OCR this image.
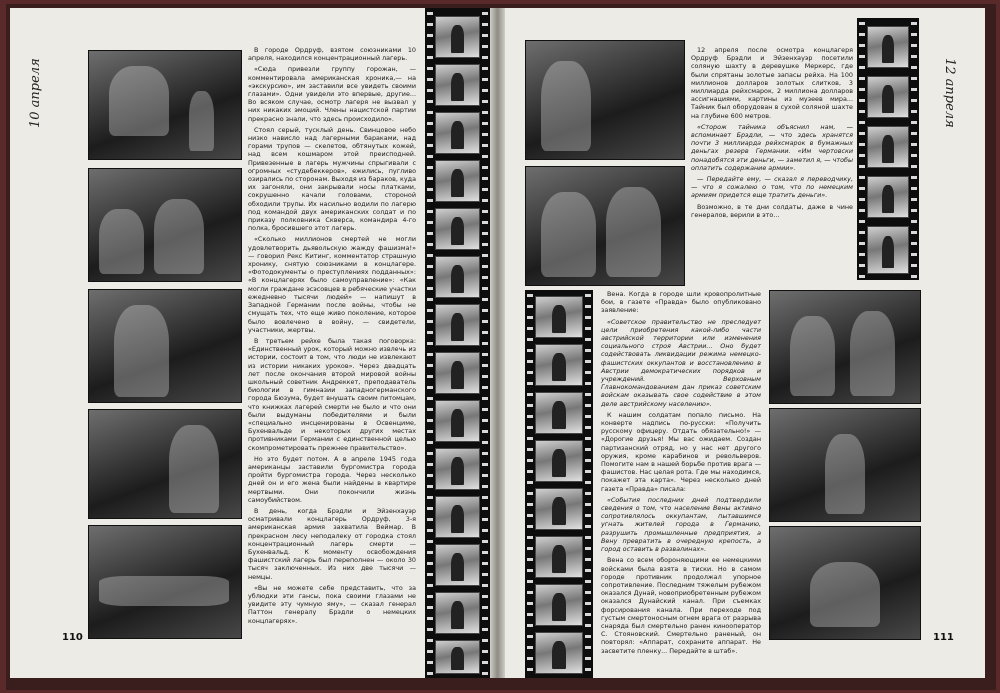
10 апреля

В городе Ордруф, взятом союзниками 10 апреля, находился концентрационный лагерь.

«Сюда привезли группу горожан, — комментировала американская хроника,— на «экскурсию», им заставили все увидеть своими глазами». Одни увидели это впервые, другие... Во всяком случае, осмотр лагеря не вызвал у них никаких эмоций. Члены нацистской партии прекрасно знали, что здесь происходило».

Стоял серый, тусклый день. Свинцовое небо низко нависло над лагерными бараками, над горами трупов — скелетов, обтянутых кожей, над всем кошмаром этой преисподней. Привезенные в лагерь мужчины спрыгивали с огромных «студебеккеров», ежились, пугливо озирались по сторонам. Выходя из бараков, куда их загоняли, они закрывали носы платками, сокрушенно качали головами, стороной обходили трупы. Их насильно водили по лагерю под командой двух американских солдат и по приказу полковника Скверса, командира 4-го полка, бросившего этот лагерь.

«Сколько миллионов смертей не могли удовлетворить дьявольскую жажду фашизма!» — говорил Рекс Китинг, комментатор страшную хронику, снятую союзниками в концлагере. «Фотодокументы о преступлениях подданных»: «В концлагерях было самоуправление»: «Как могли граждане эсэсовцев в ребяческие участки ежедневно тысячи людей» — напишут в Западной Германии после войны, чтобы не смущать тех, что еще живо поколение, которое было вовлечено в войну, — свидетели, участники, жертвы.

В третьем рейхе была такая поговорка: «Единственный урок, который можно извлечь из истории, состоит в том, что люди не извлекают из истории никаких уроков». Через двадцать лет после окончания второй мировой войны школьный советник Андреккет, преподаватель биологии в гимназии западногерманского города Бюзума, будет внушать своим питомцам, что книжках лагерей смерти не было и что они были выдуманы победителями и были «специально инсценированы в Освенциме, Бухенвальде и некоторых других местах противниками Германии с единственной целью скомпрометировать прежнее правительство».

Но это будет потом. А в апреле 1945 года американцы заставили бургомистра города пройти бургомистра города. Через несколько дней он и его жена были найдены в квартире мертвыми. Они покончили жизнь самоубийством.

В день, когда Брэдли и Эйзенхауэр осматривали концлагерь Ордруф, 3-я американская армия захватила Веймар. В прекрасном лесу неподалеку от городка стоял концентрационный лагерь смерти — Бухенвальд. К моменту освобождения фашистский лагерь был переполнен — около 30 тысяч заключенных. Из них две тысячи — немцы.

«Вы не можете себе представить, что за ублюдки эти гансы, пока своими глазами не увидите эту чумную яму», — сказал генерал Паттон генералу Брэдли о немецких концлагерях».

110

12 апреля после осмотра концлагеря Ордруф Брэдли и Эйзенхауэр посетили соляную шахту в деревушке Меркерс, где были спрятаны золотые запасы рейха. На 100 миллионов долларов золотых слитков, 3 миллиарда рейхсмарок, 2 миллиона долларов ассигнациями, картины из музеев мира... Тайник был оборудован в сухой соляной шахте на глубине 600 метров.

«Сторож тайника объяснил нам, — вспоминает Брэдли, — что здесь хранятся почти 3 миллиарда рейхсмарок в бумажных деньгах резерв Германии. «Им чертовски понадобятся эти деньги, — заметил я, — чтобы оплатить содержание армии».

— Передайте ему, — сказал я переводчику, — что я сожалею о том, что по немецким армиям придется еще тратить деньги».

Возможно, в те дни солдаты, даже в чине генералов, верили в это...

12 апреля

Вена. Когда в городе шли кровопролитные бои, в газете «Правда» было опубликовано заявление:

«Советское правительство не преследует цели приобретения какой-либо части австрийской территории или изменения социального строя Австрии... Оно будет содействовать ликвидации режима немецко-фашистских оккупантов и восстановлению в Австрии демократических порядков и учреждений. Верховным Главнокомандованием дан приказ советским войскам оказывать свое содействие в этом деле австрийскому населению».

К нашим солдатам попало письмо. На конверте надпись по-русски: «Получить русскому офицеру. Отдать обязательно!» — «Дорогие друзья! Мы вас ожидаем. Создан партизанский отряд, но у нас нет другого оружия, кроме карабинов и револьверов. Помогите нам в нашей борьбе против врага — фашистов. Нас целая рота. Где мы находимся, покажет эта карта». Через несколько дней газета «Правда» писала:

«События последних дней подтвердили сведения о том, что население Вены активно сопротивлялось оккупантам, пытавшимся угнать жителей города в Германию, разрушить промышленные предприятия, а Вену превратить в очередную крепость, а город оставить в развалинах».

Вена со всем обороняющими ее немецкими войсками была взята в тиски. Но в самом городе противник продолжал упорное сопротивление. Последним тяжелым рубежом оказался Дунай, новоприобретенным рубежом оказался Дунайский канал. При съемках форсирования канала. При переходе под густым смертоносным огнем врага от разрыва снаряда был смертельно ранен кинооператор С. Стояновский. Смертельно раненый, он повторял: «Аппарат, сохраните аппарат. Не засветите пленку... Передайте в штаб».

111
